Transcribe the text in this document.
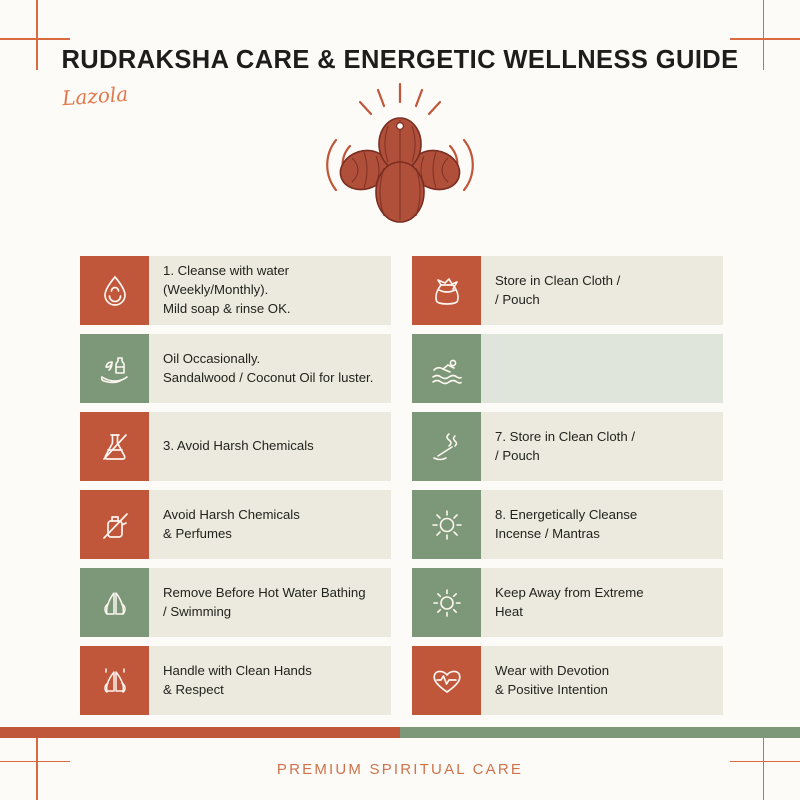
RUDRAKSHA CARE & ENERGETIC WELLNESS GUIDE
Lazola
1. Cleanse with water
(Weekly/Monthly).
Mild soap & rinse OK.
Store in Clean Cloth /
/ Pouch
Oil Occasionally.
Sandalwood / Coconut Oil for luster.
3. Avoid Harsh Chemicals
7. Store in Clean Cloth /
/ Pouch
Avoid Harsh Chemicals
& Perfumes
8. Energetically Cleanse
Incense / Mantras
Remove Before Hot Water Bathing
/ Swimming
Keep Away from Extreme
Heat
Handle with Clean Hands
& Respect
Wear with Devotion
& Positive Intention
PREMIUM SPIRITUAL CARE
